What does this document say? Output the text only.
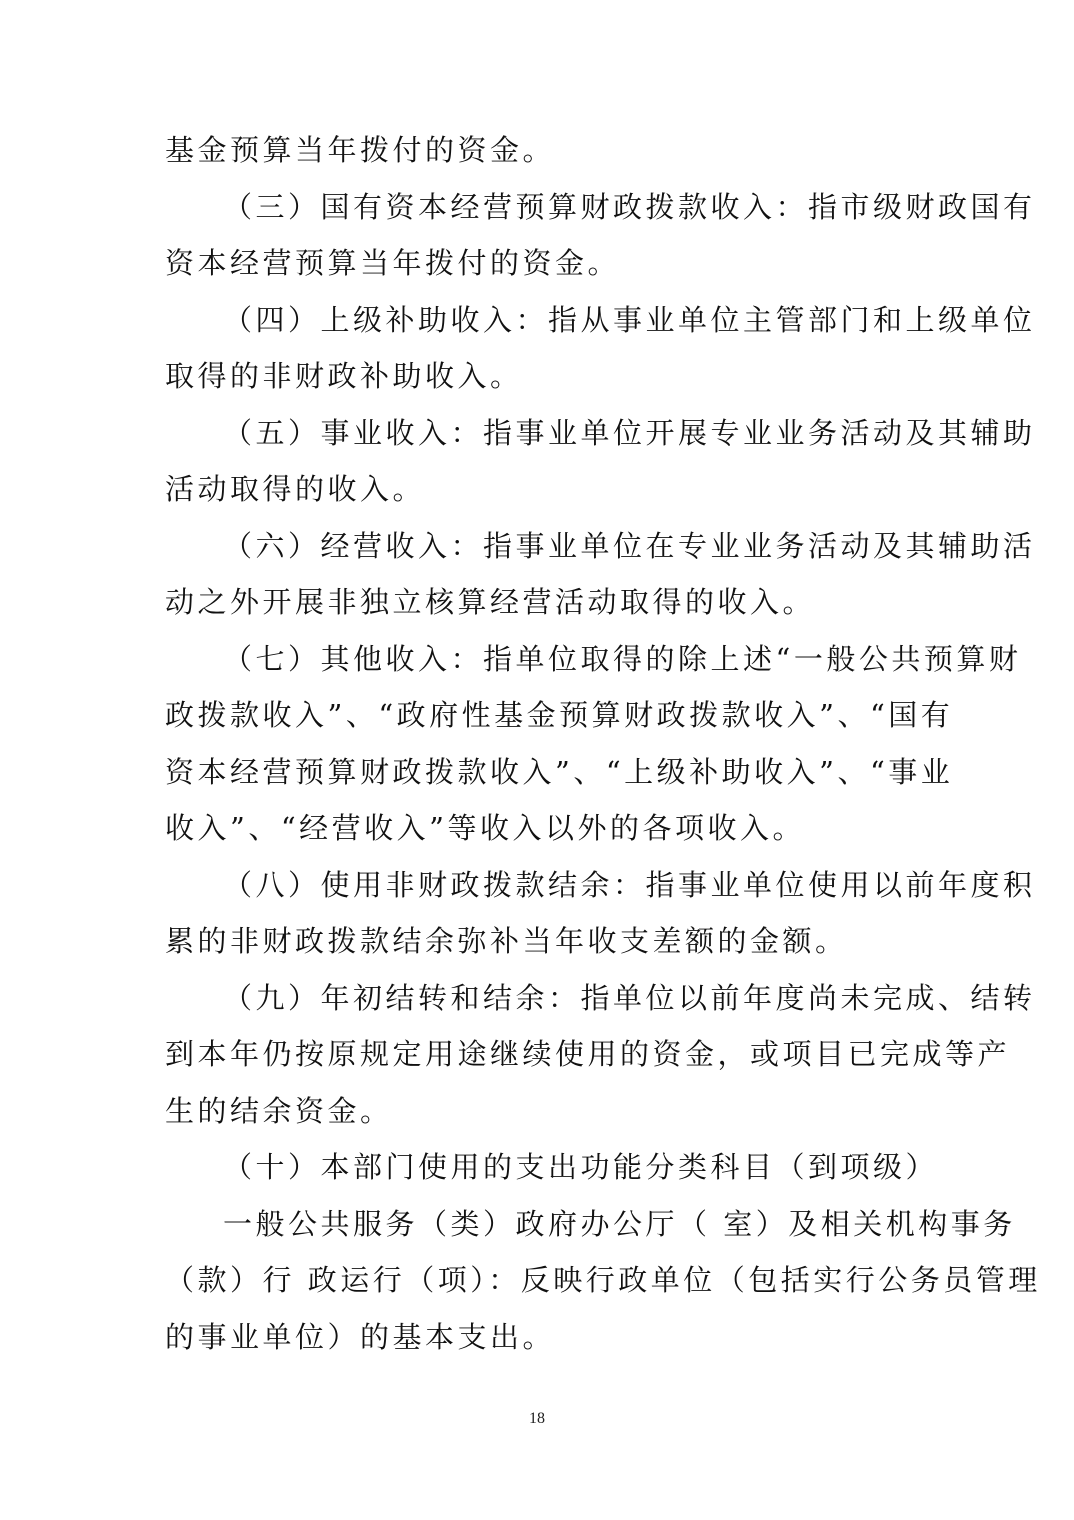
基金预算当年拨付的资金。

（三）国有资本经营预算财政拨款收入：指市级财政国有
资本经营预算当年拨付的资金。

（四）上级补助收入：指从事业单位主管部门和上级单位
取得的非财政补助收入。

（五）事业收入：指事业单位开展专业业务活动及其辅助
活动取得的收入。

（六）经营收入：指事业单位在专业业务活动及其辅助活
动之外开展非独立核算经营活动取得的收入。

（七）其他收入：指单位取得的除上述“一般公共预算财
政拨款收入”、“政府性基金预算财政拨款收入”、“国有
资本经营预算财政拨款收入”、“上级补助收入”、“事业
收入”、“经营收入”等收入以外的各项收入。

（八）使用非财政拨款结余：指事业单位使用以前年度积
累的非财政拨款结余弥补当年收支差额的金额。

（九）年初结转和结余：指单位以前年度尚未完成、结转
到本年仍按原规定用途继续使用的资金，或项目已完成等产
生的结余资金。

（十）本部门使用的支出功能分类科目（到项级）

一般公共服务（类）政府办公厅（ 室）及相关机构事务
（款）行 政运行（项）：反映行政单位（包括实行公务员管理
的事业单位）的基本支出。

18
